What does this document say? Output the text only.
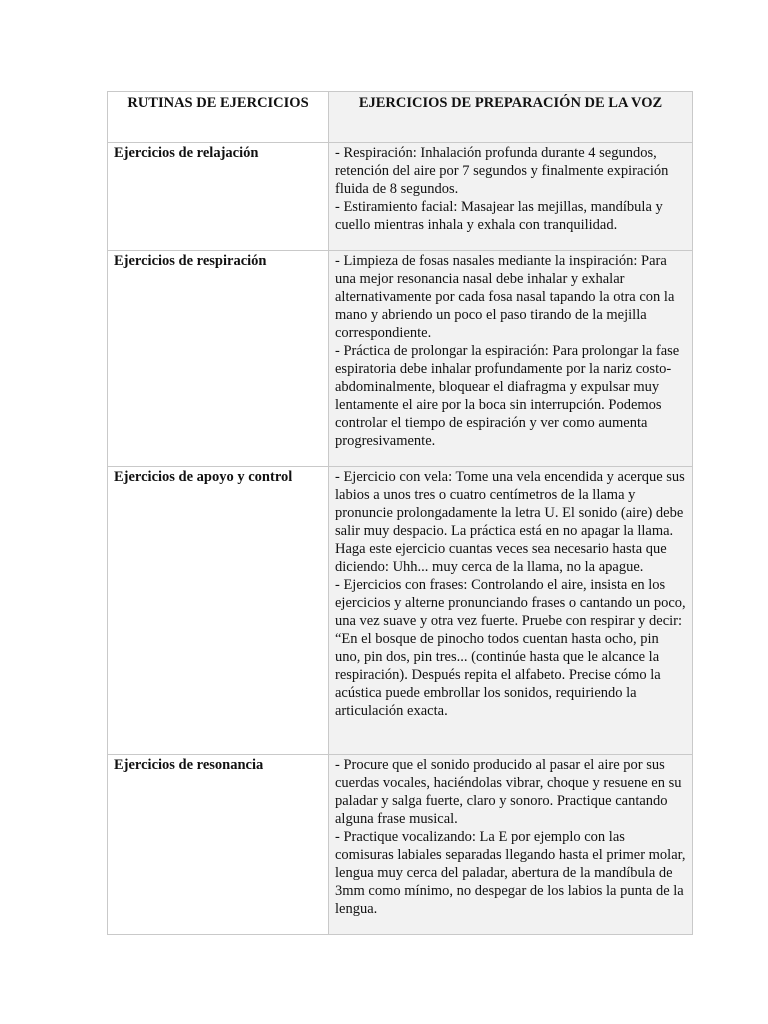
RUTINAS DE EJERCICIOS	EJERCICIOS DE PREPARACIÓN DE LA VOZ
Ejercicios de relajación	- Respiración: Inhalación profunda durante 4 segundos, retención del aire por 7 segundos y finalmente expiración fluida de 8 segundos.

- Estiramiento facial: Masajear las mejillas, mandíbula y cuello mientras inhala y exhala con tranquilidad.

Ejercicios de respiración	- Limpieza de fosas nasales mediante la inspiración: Para una mejor resonancia nasal debe inhalar y exhalar alternativamente por cada fosa nasal tapando la otra con la mano y abriendo un poco el paso tirando de la mejilla correspondiente.

- Práctica de prolongar la espiración: Para prolongar la fase espiratoria debe inhalar profundamente por la nariz costo-abdominalmente, bloquear el diafragma y expulsar muy lentamente el aire por la boca sin interrupción. Podemos controlar el tiempo de espiración y ver como aumenta progresivamente.

Ejercicios de apoyo y control	- Ejercicio con vela: Tome una vela encendida y acerque sus labios a unos tres o cuatro centímetros de la llama y pronuncie prolongadamente la letra U. El sonido (aire) debe salir muy despacio. La práctica está en no apagar la llama. Haga este ejercicio cuantas veces sea necesario hasta que diciendo: Uhh... muy cerca de la llama, no la apague.

- Ejercicios con frases: Controlando el aire, insista en los ejercicios y alterne pronunciando frases o cantando un poco, una vez suave y otra vez fuerte. Pruebe con respirar y decir: “En el bosque de pinocho todos cuentan hasta ocho, pin uno, pin dos, pin tres... (continúe hasta que le alcance la respiración). Después repita el alfabeto. Precise cómo la acústica puede embrollar los sonidos, requiriendo la articulación exacta.

Ejercicios de resonancia	- Procure que el sonido producido al pasar el aire por sus cuerdas vocales, haciéndolas vibrar, choque y resuene en su paladar y salga fuerte, claro y sonoro. Practique cantando alguna frase musical.

- Practique vocalizando: La E por ejemplo con las comisuras labiales separadas llegando hasta el primer molar, lengua muy cerca del paladar, abertura de la mandíbula de 3mm como mínimo, no despegar de los labios la punta de la lengua.
